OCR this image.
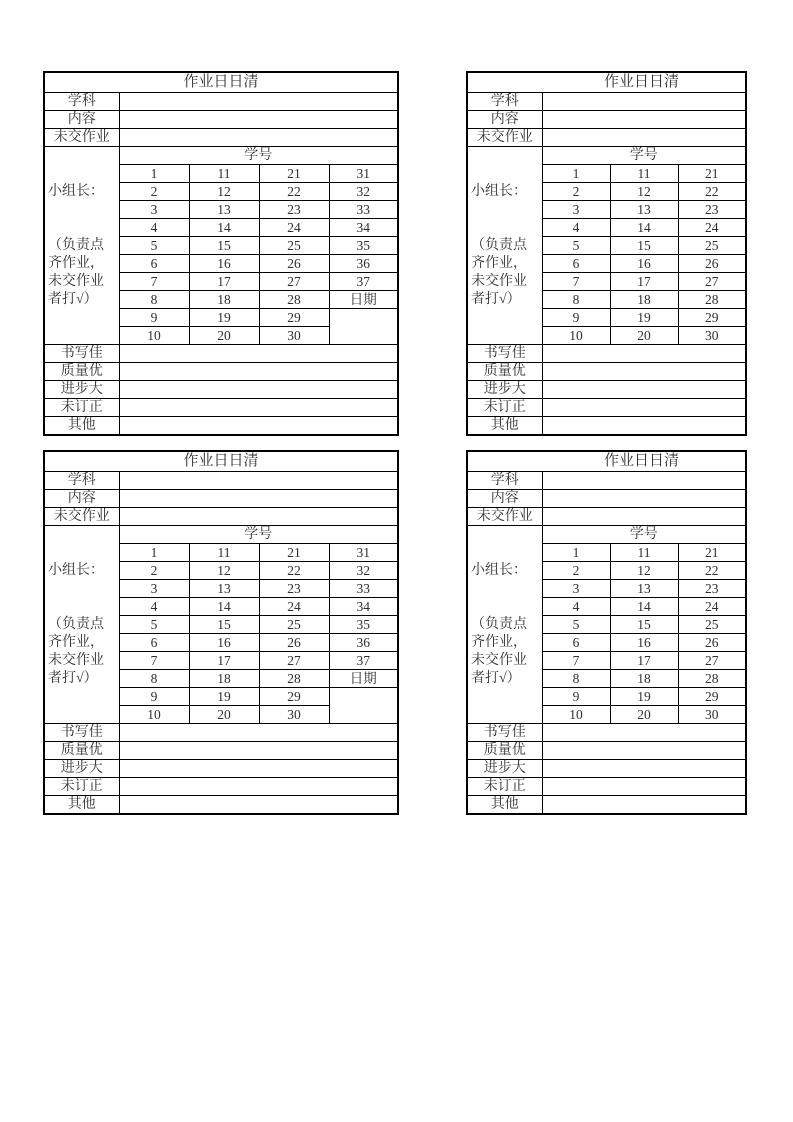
作业日日清				
学科				
内容				
未交作业				

小组长：
（负责点齐作业，未交作业者打√）	学号			
	1	11	21	31
	2	12	22	32
	3	13	23	33
	4	14	24	34
	5	15	25	35
	6	16	26	36
	7	17	27	37
	8	18	28	日期
	9	19	29	
	10	20	30	
书写佳				
质量优				
进步大				
未订正				
其他				
作业日日清			
学科			
内容			
未交作业			

小组长：
（负责点齐作业，未交作业者打√）	学号		
	1	11	21
	2	12	22
	3	13	23
	4	14	24
	5	15	25
	6	16	26
	7	17	27
	8	18	28
	9	19	29
	10	20	30
书写佳			
质量优			
进步大			
未订正			
其他			
作业日日清				
学科				
内容				
未交作业				

小组长：
（负责点齐作业，未交作业者打√）	学号			
	1	11	21	31
	2	12	22	32
	3	13	23	33
	4	14	24	34
	5	15	25	35
	6	16	26	36
	7	17	27	37
	8	18	28	日期
	9	19	29	
	10	20	30	
书写佳				
质量优				
进步大				
未订正				
其他				
作业日日清			
学科			
内容			
未交作业			

小组长：
（负责点齐作业，未交作业者打√）	学号		
	1	11	21
	2	12	22
	3	13	23
	4	14	24
	5	15	25
	6	16	26
	7	17	27
	8	18	28
	9	19	29
	10	20	30
书写佳			
质量优			
进步大			
未订正			
其他			
